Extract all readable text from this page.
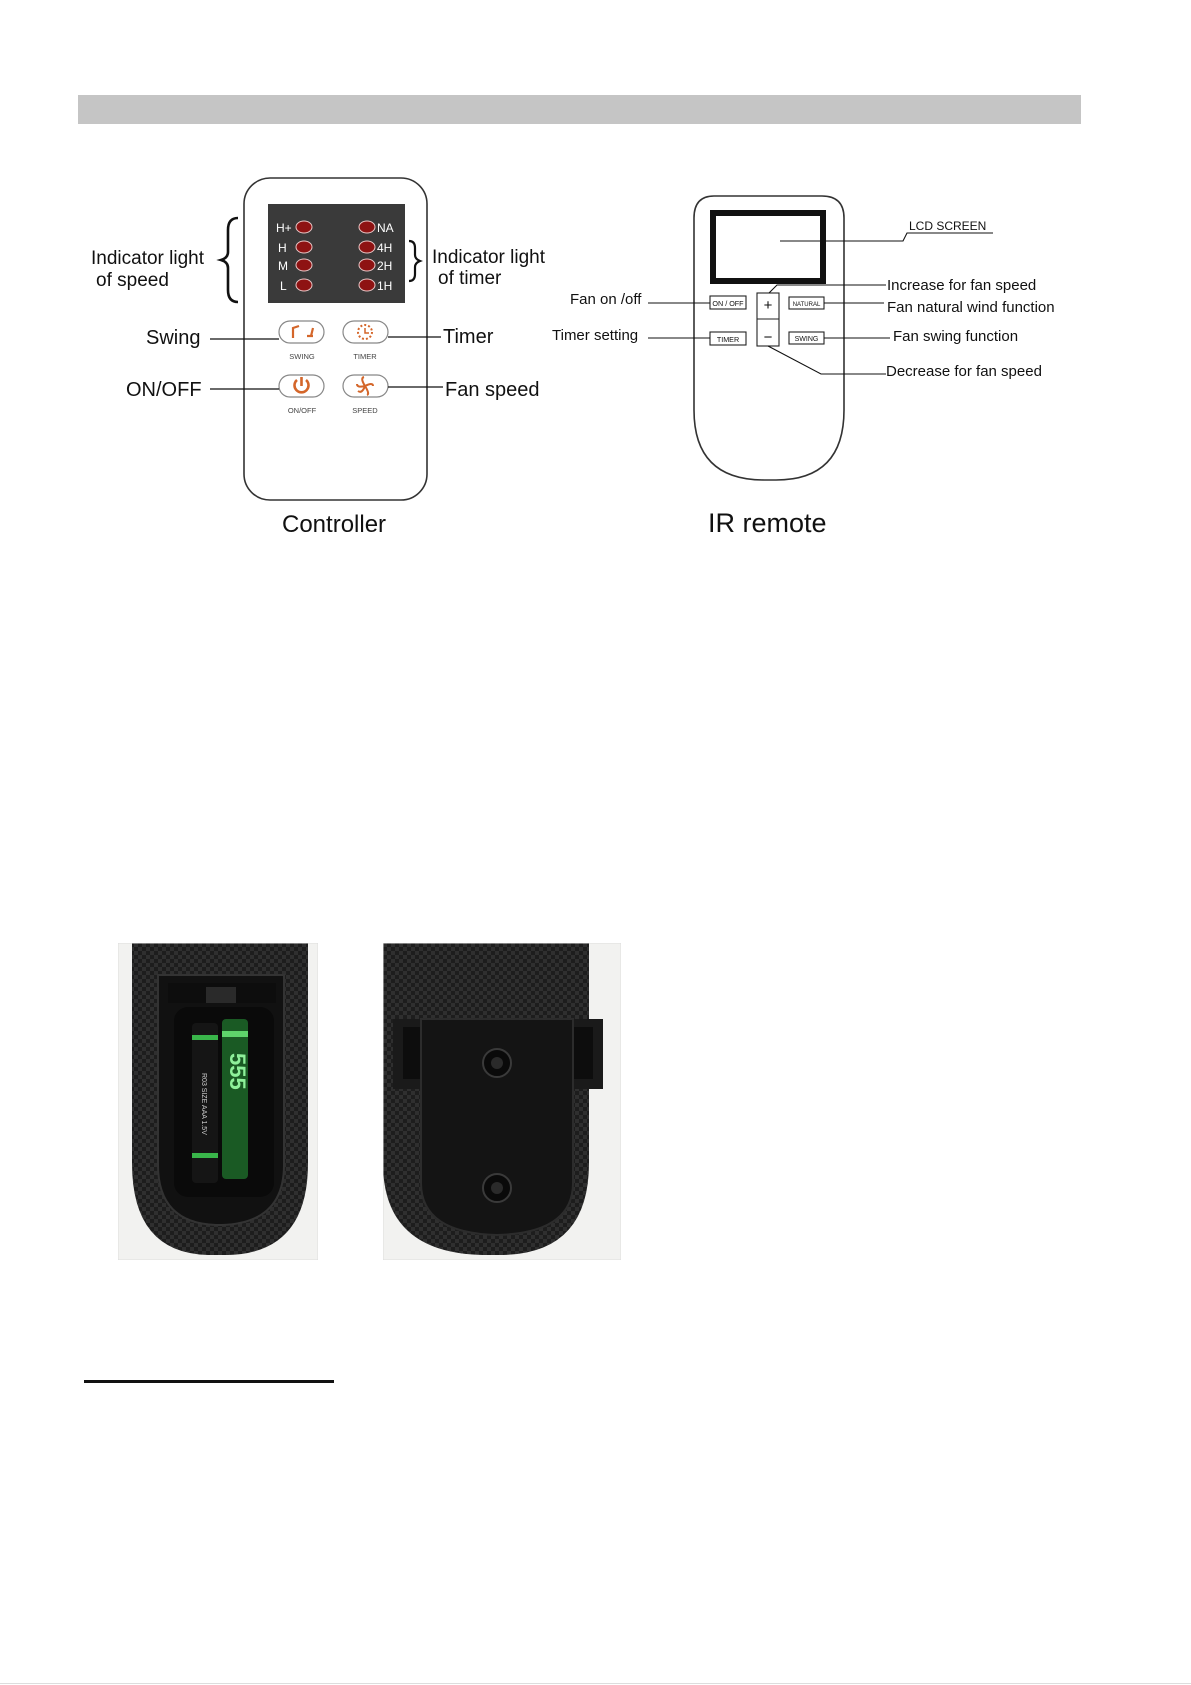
H+
H
M
L
NA
4H
2H
1H
SWING	TIMER
ON/OFF	SPEED
Indicator light
of speed
Indicator light
of timer
Swing	Timer
ON/OFF	Fan speed
Controller
ON / OFF
TIMER
+
−
NATURAL
SWING
LCD SCREEN
Increase for fan speed
Fan natural wind function
Fan on /off
Timer setting	Fan swing function
Decrease for fan speed
IR remote
R03 SIZE AAA 1.5V
555
